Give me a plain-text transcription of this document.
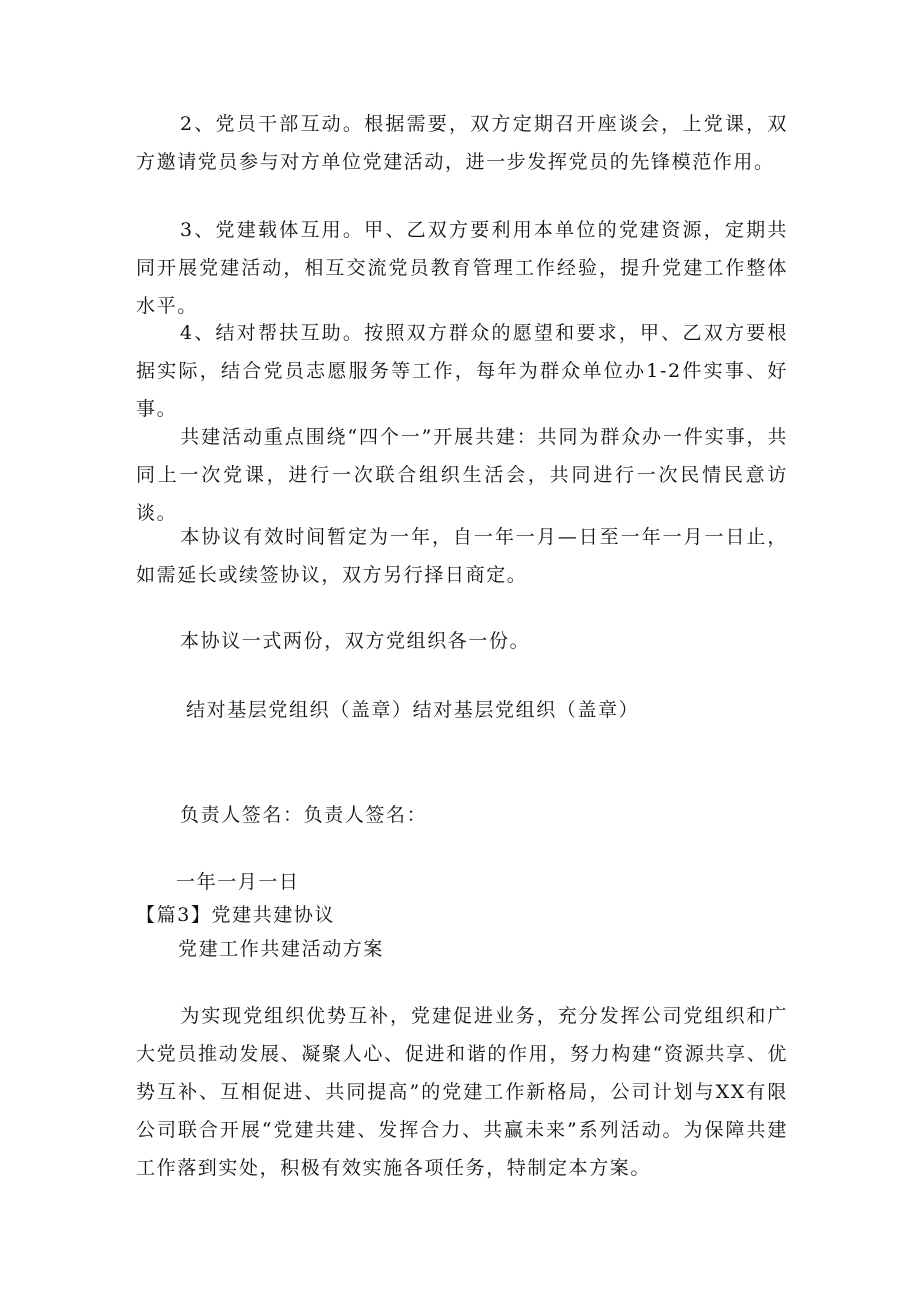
2、党员干部互动。根据需要，双方定期召开座谈会，上党课，双方邀请党员参与对方单位党建活动，进一步发挥党员的先锋模范作用。

3、党建载体互用。甲、乙双方要利用本单位的党建资源，定期共同开展党建活动，相互交流党员教育管理工作经验，提升党建工作整体水平。

4、结对帮扶互助。按照双方群众的愿望和要求，甲、乙双方要根据实际，结合党员志愿服务等工作，每年为群众单位办1-2件实事、好事。

共建活动重点围绕“四个一”开展共建：共同为群众办一件实事，共同上一次党课，进行一次联合组织生活会，共同进行一次民情民意访谈。

本协议有效时间暂定为一年，自一年一月—日至一年一月一日止，如需延长或续签协议，双方另行择日商定。

本协议一式两份，双方党组织各一份。

结对基层党组织（盖章）结对基层党组织（盖章）

负责人签名：负责人签名：

一年一月一日

【篇3】党建共建协议

党建工作共建活动方案

为实现党组织优势互补，党建促进业务，充分发挥公司党组织和广大党员推动发展、凝聚人心、促进和谐的作用，努力构建“资源共享、优势互补、互相促进、共同提高”的党建工作新格局，公司计划与XX有限公司联合开展“党建共建、发挥合力、共赢未来”系列活动。为保障共建工作落到实处，积极有效实施各项任务，特制定本方案。
